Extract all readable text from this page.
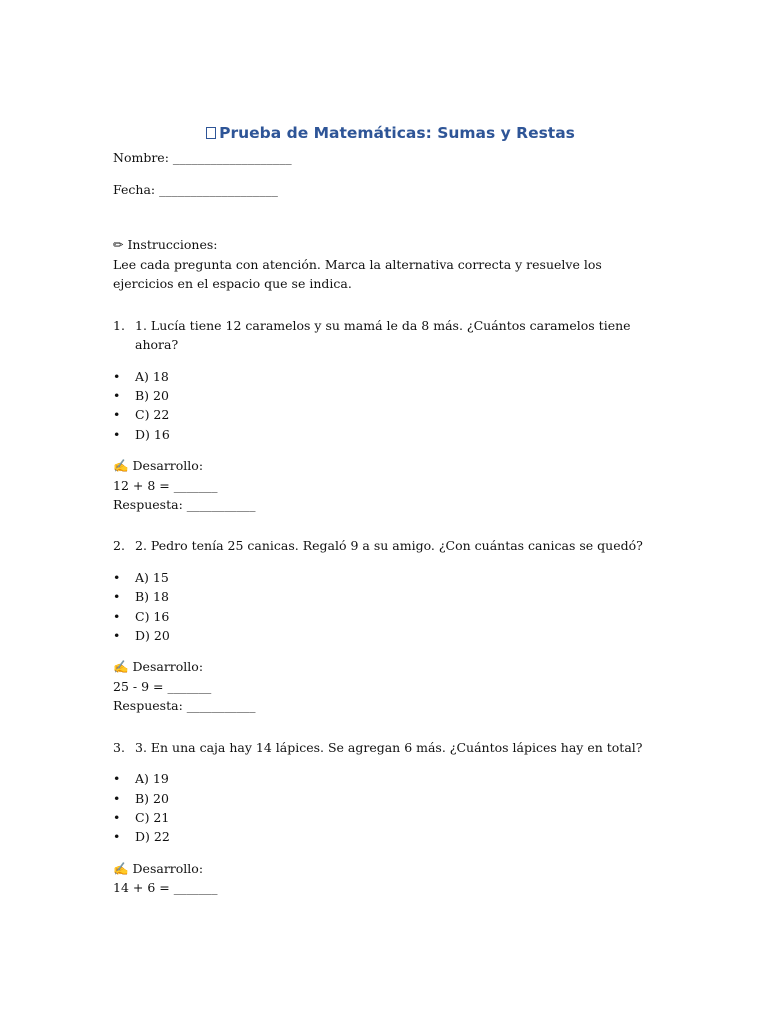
Prueba de Matemáticas: Sumas y Restas

Nombre: ___________________

Fecha: ___________________

✏ Instrucciones:

Lee cada pregunta con atención. Marca la alternativa correcta y resuelve los ejercicios en el espacio que se indica.

1. 1. Lucía tiene 12 caramelos y su mamá le da 8 más. ¿Cuántos caramelos tiene ahora?

• A) 18
• B) 20
• C) 22
• D) 16

✍ Desarrollo:

12 + 8 = _______

Respuesta: ___________

2. 2. Pedro tenía 25 canicas. Regaló 9 a su amigo. ¿Con cuántas canicas se quedó?

• A) 15
• B) 18
• C) 16
• D) 20

✍ Desarrollo:

25 - 9 = _______

Respuesta: ___________

3. 3. En una caja hay 14 lápices. Se agregan 6 más. ¿Cuántos lápices hay en total?

• A) 19
• B) 20
• C) 21
• D) 22

✍ Desarrollo:

14 + 6 = _______
